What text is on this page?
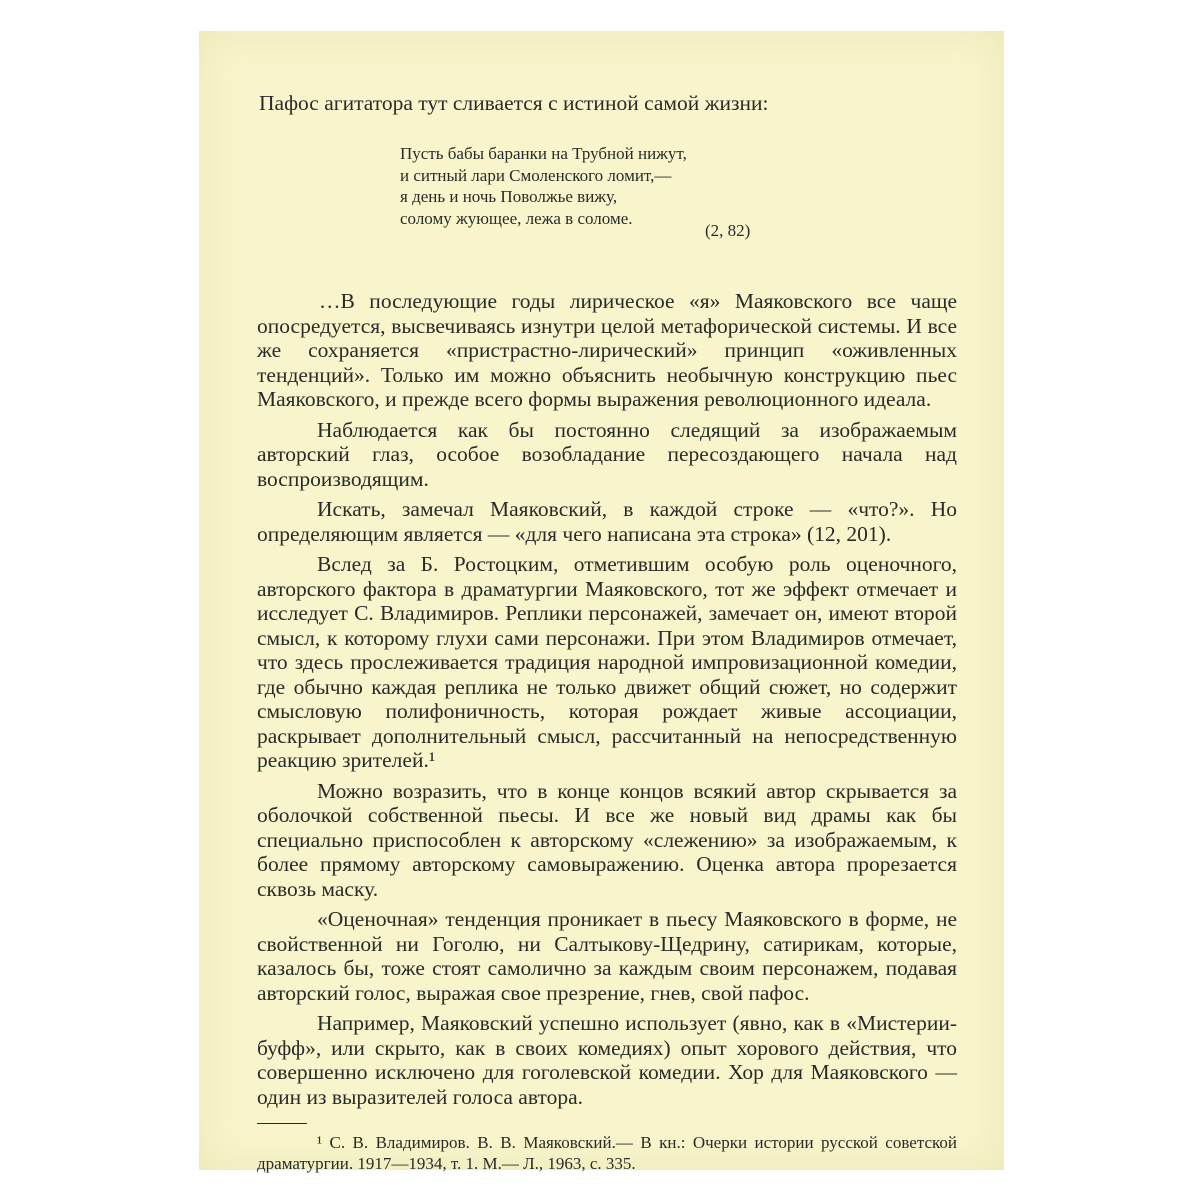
Пафос агитатора тут сливается с истиной самой жизни:
Пусть бабы баранки на Трубной нижут,
и ситный лари Смоленского ломит,—
я день и ночь Поволжье вижу,
солому жующее, лежа в соломе.
(2, 82)

…В последующие годы лирическое «я» Маяковского все чаще опосредуется, высвечиваясь изнутри целой метафорической системы. И все же сохраняется «пристрастно-лирический» принцип «оживленных тенденций». Только им можно объяснить необычную конструкцию пьес Маяковского, и прежде всего формы выражения революционного идеала.

Наблюдается как бы постоянно следящий за изображаемым авторский глаз, особое возобладание пересоздающего начала над воспроизводящим.

Искать, замечал Маяковский, в каждой строке — «что?». Но определяющим является — «для чего написана эта строка» (12, 201).

Вслед за Б. Ростоцким, отметившим особую роль оценочного, авторского фактора в драматургии Маяковского, тот же эффект отмечает и исследует С. Владимиров. Реплики персонажей, замечает он, имеют второй смысл, к которому глухи сами персонажи. При этом Владимиров отмечает, что здесь прослеживается традиция народной импровизационной комедии, где обычно каждая реплика не только движет общий сюжет, но содержит смысловую полифоничность, которая рождает живые ассоциации, раскрывает дополнительный смысл, рассчитанный на непосредственную реакцию зрителей.¹

Можно возразить, что в конце концов всякий автор скрывается за оболочкой собственной пьесы. И все же новый вид драмы как бы специально приспособлен к авторскому «слежению» за изображаемым, к более прямому авторскому самовыражению. Оценка автора прорезается сквозь маску.

«Оценочная» тенденция проникает в пьесу Маяковского в форме, не свойственной ни Гоголю, ни Салтыкову-Щедрину, сатирикам, которые, казалось бы, тоже стоят самолично за каждым своим персонажем, подавая авторский голос, выражая свое презрение, гнев, свой пафос.

Например, Маяковский успешно использует (явно, как в «Мистерии-буфф», или скрыто, как в своих комедиях) опыт хорового действия, что совершенно исключено для гоголевской комедии. Хор для Маяковского — один из выразителей голоса автора.

¹ С. В. Владимиров. В. В. Маяковский.— В кн.: Очерки истории русской советской драматургии. 1917—1934, т. 1. М.— Л., 1963, с. 335.
